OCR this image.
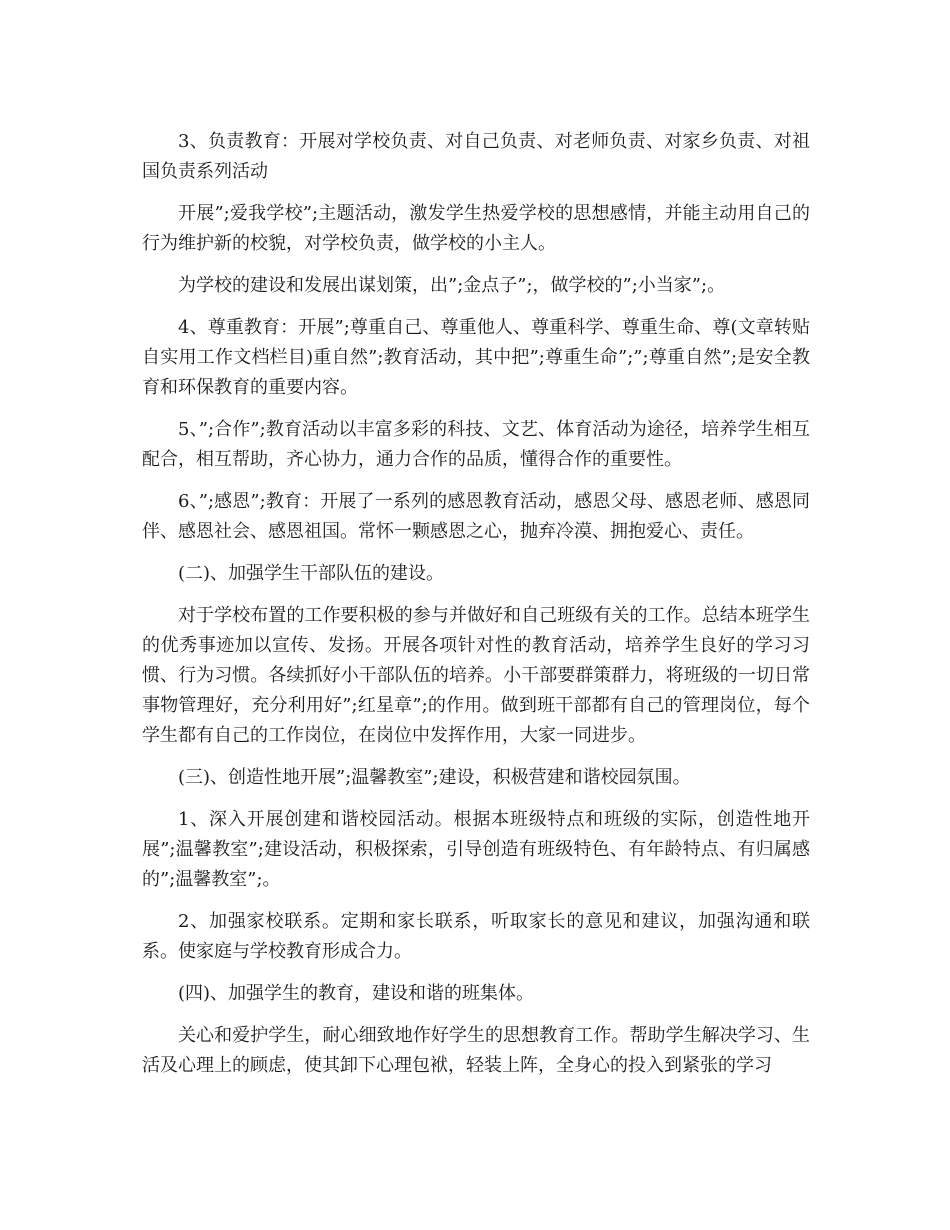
3、负责教育：开展对学校负责、对自己负责、对老师负责、对家乡负责、对祖国负责系列活动

开展”;爱我学校”;主题活动，激发学生热爱学校的思想感情，并能主动用自己的行为维护新的校貌，对学校负责，做学校的小主人。

为学校的建设和发展出谋划策，出”;金点子”;，做学校的”;小当家”;。

4、尊重教育：开展”;尊重自己、尊重他人、尊重科学、尊重生命、尊(文章转贴自实用工作文档栏目)重自然”;教育活动，其中把”;尊重生命”;”;尊重自然”;是安全教育和环保教育的重要内容。

5、”;合作”;教育活动以丰富多彩的科技、文艺、体育活动为途径，培养学生相互配合，相互帮助，齐心协力，通力合作的品质，懂得合作的重要性。

6、”;感恩”;教育：开展了一系列的感恩教育活动，感恩父母、感恩老师、感恩同伴、感恩社会、感恩祖国。常怀一颗感恩之心，抛弃冷漠、拥抱爱心、责任。

(二)、加强学生干部队伍的建设。

对于学校布置的工作要积极的参与并做好和自己班级有关的工作。总结本班学生的优秀事迹加以宣传、发扬。开展各项针对性的教育活动，培养学生良好的学习习惯、行为习惯。各续抓好小干部队伍的培养。小干部要群策群力，将班级的一切日常事物管理好，充分利用好”;红星章”;的作用。做到班干部都有自己的管理岗位，每个学生都有自己的工作岗位，在岗位中发挥作用，大家一同进步。

(三)、创造性地开展”;温馨教室”;建设，积极营建和谐校园氛围。

1、深入开展创建和谐校园活动。根据本班级特点和班级的实际，创造性地开展”;温馨教室”;建设活动，积极探索，引导创造有班级特色、有年龄特点、有归属感的”;温馨教室”;。

2、加强家校联系。定期和家长联系，听取家长的意见和建议，加强沟通和联系。使家庭与学校教育形成合力。

(四)、加强学生的教育，建设和谐的班集体。

关心和爱护学生，耐心细致地作好学生的思想教育工作。帮助学生解决学习、生活及心理上的顾虑，使其卸下心理包袱，轻装上阵，全身心的投入到紧张的学习
